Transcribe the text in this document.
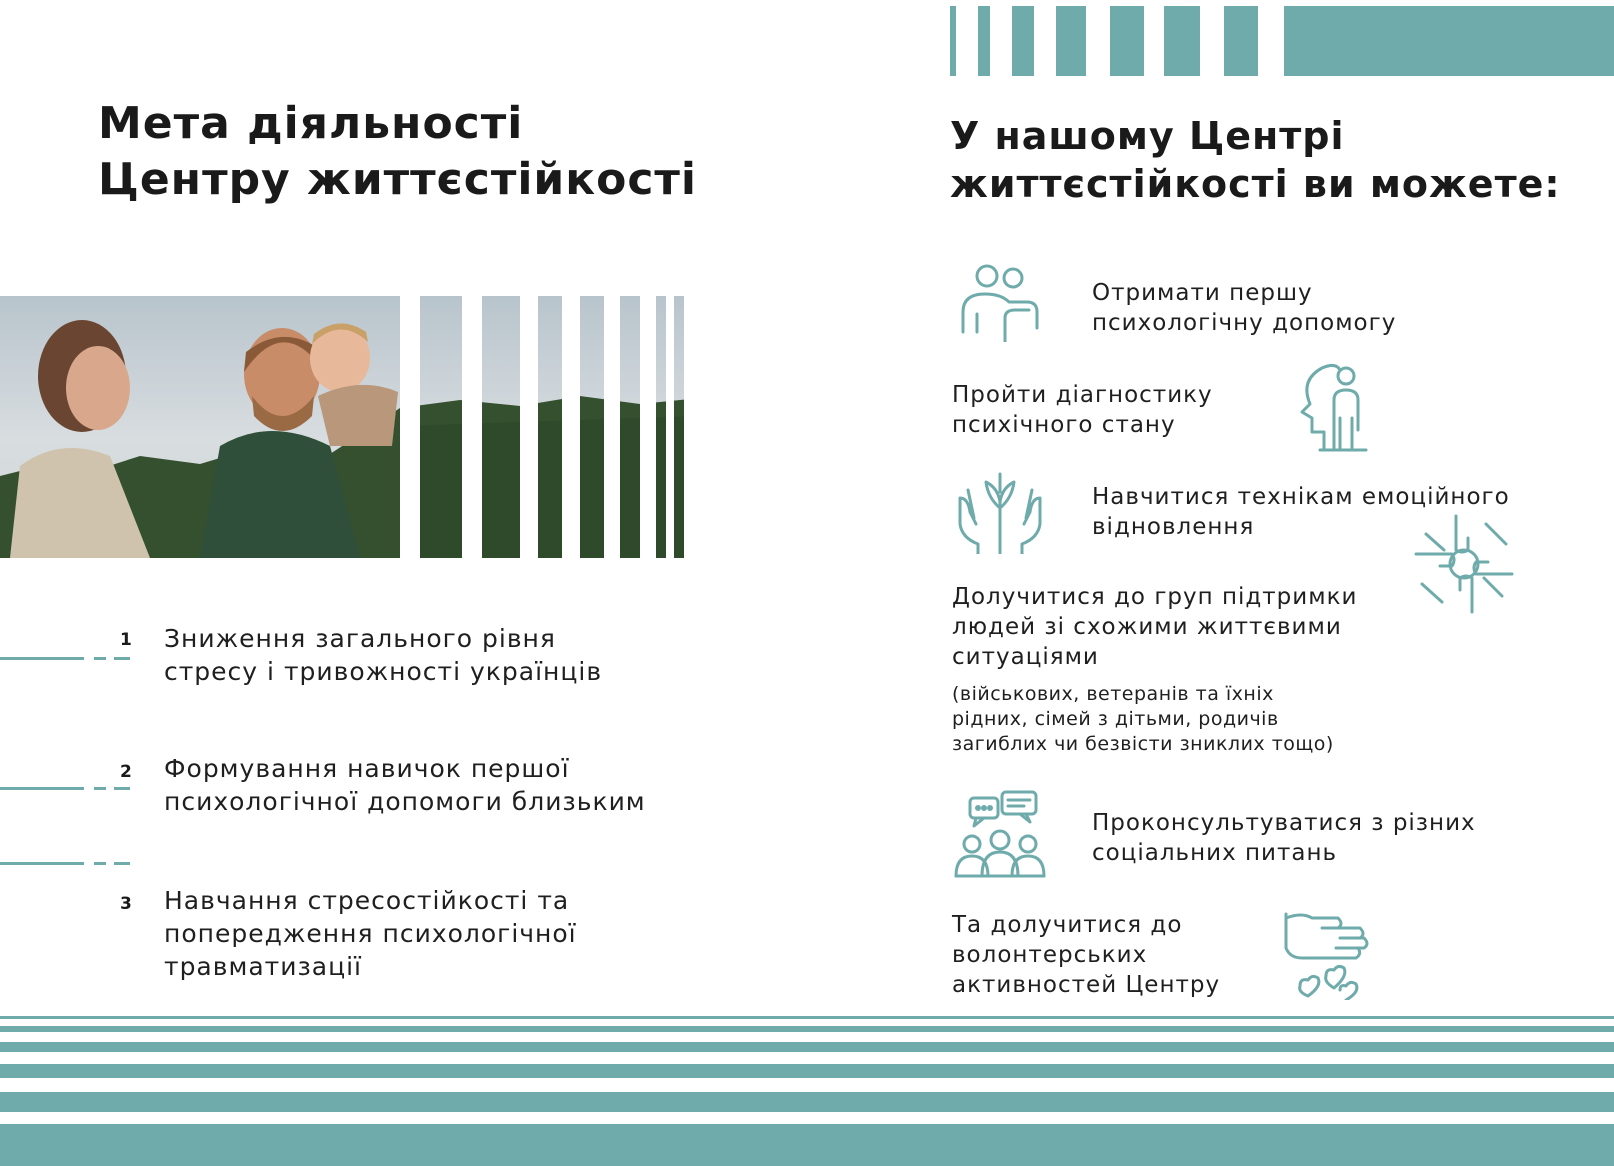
Мета діяльності
Центру життєстійкості
У нашому Центрі
життєстійкості ви можете:
1 Зниження загального рівня
стресу і тривожності українців
2 Формування навичок першої
психологічної допомоги близьким
3 Навчання стресостійкості та
попередження психологічної
травматизації
Отримати першу
психологічну допомогу
Пройти діагностику
психічного стану
Навчитися технікам емоційного
відновлення
Долучитися до груп підтримки
людей зі схожими життєвими
ситуаціями
(військових, ветеранів та їхніх
рідних, сімей з дітьми, родичів
загиблих чи безвісти зниклих тощо)
Проконсультуватися з різних
соціальних питань
Та долучитися до
волонтерських
активностей Центру
